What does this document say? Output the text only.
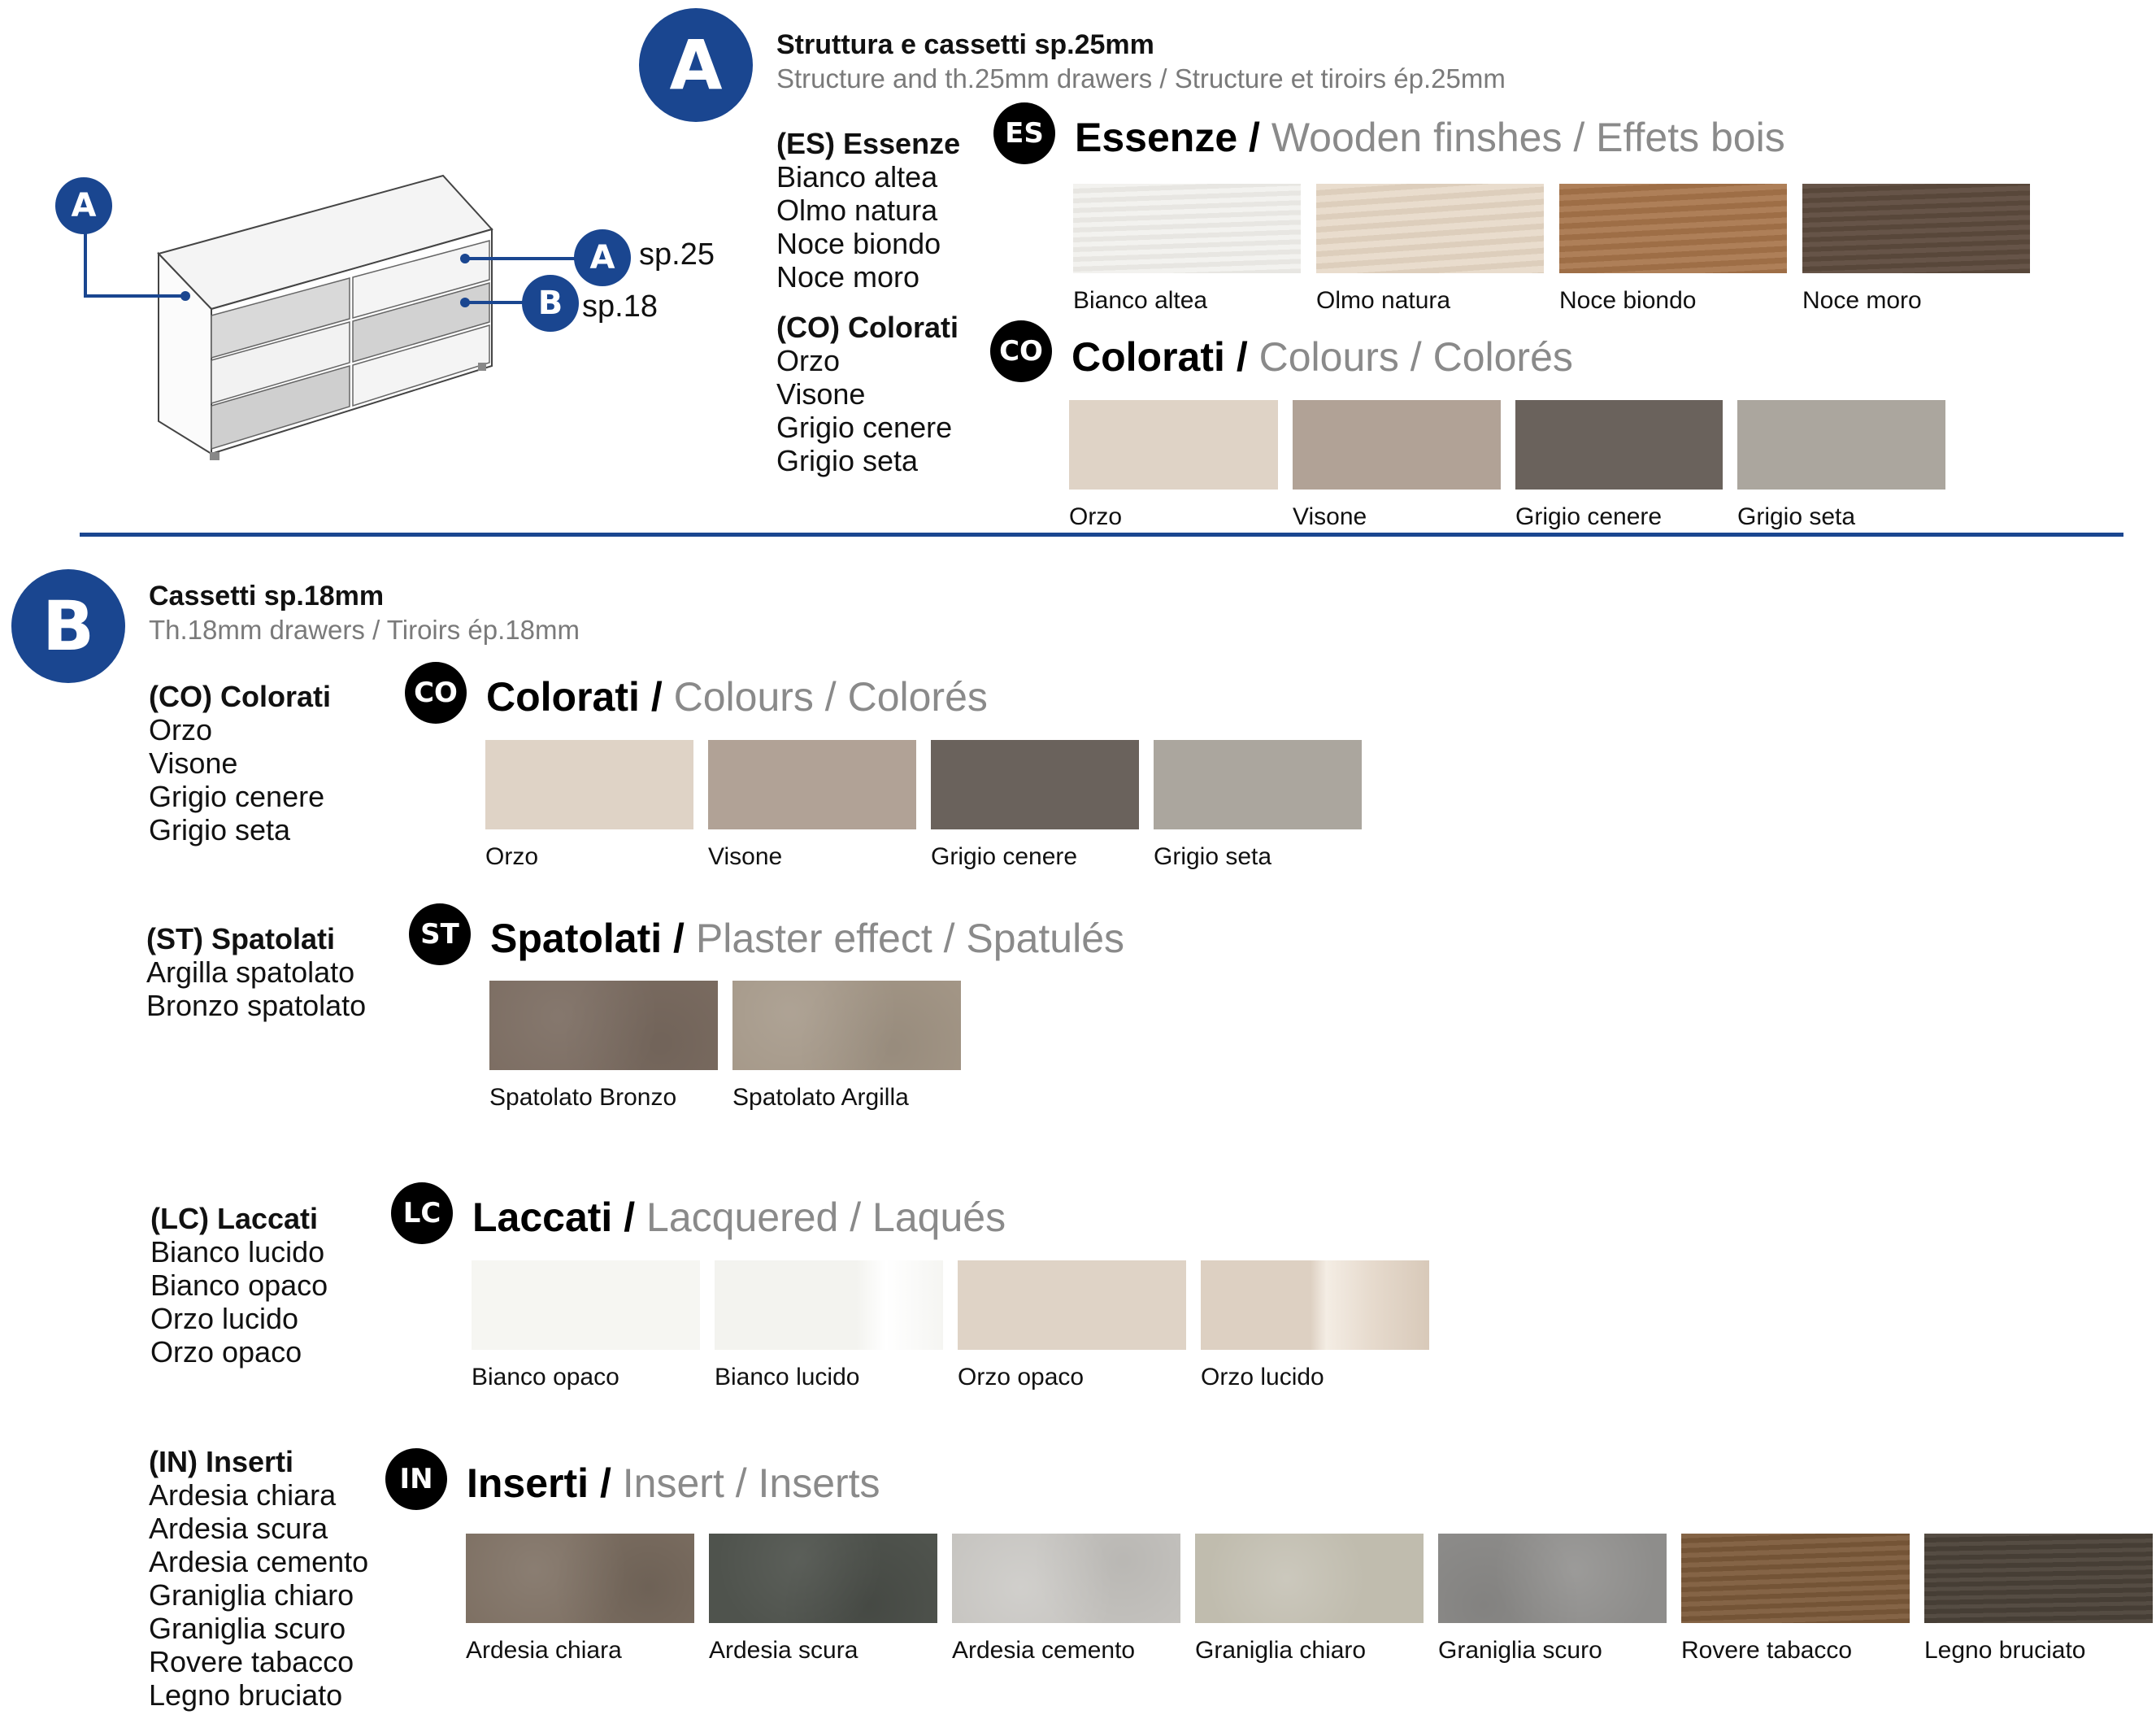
A
A
B
sp.25
sp.18
A	Struttura e cassetti sp.25mm
Structure and th.25mm drawers / Structure et tiroirs ép.25mm
(ES) Essenze
Bianco altea
Olmo natura
Noce biondo
Noce moro
(CO) Colorati
Orzo
Visone
Grigio cenere
Grigio seta
ES Essenze / Wooden finshes / Effets bois
Bianco altea	Olmo natura	Noce biondo	Noce moro
CO Colorati / Colours / Colorés
Orzo	Visone	Grigio cenere	Grigio seta
B	Cassetti sp.18mm
Th.18mm drawers / Tiroirs ép.18mm
(CO) Colorati
Orzo
Visone
Grigio cenere
Grigio seta
(ST) Spatolati
Argilla spatolato
Bronzo spatolato
(LC) Laccati
Bianco lucido
Bianco opaco
Orzo lucido
Orzo opaco
(IN) Inserti
Ardesia chiara
Ardesia scura
Ardesia cemento
Graniglia chiaro
Graniglia scuro
Rovere tabacco
Legno bruciato
CO Colorati / Colours / Colorés
Orzo	Visone	Grigio cenere	Grigio seta
ST Spatolati / Plaster effect / Spatulés
Spatolato Bronzo Spatolato Argilla
LC Laccati / Lacquered / Laqués
Bianco opaco	Bianco lucido	Orzo opaco	Orzo lucido
IN Inserti / Insert / Inserts
Ardesia chiara	Ardesia scura	Ardesia cemento Graniglia chiaro	Graniglia scuro	Rovere tabacco	Legno bruciato
